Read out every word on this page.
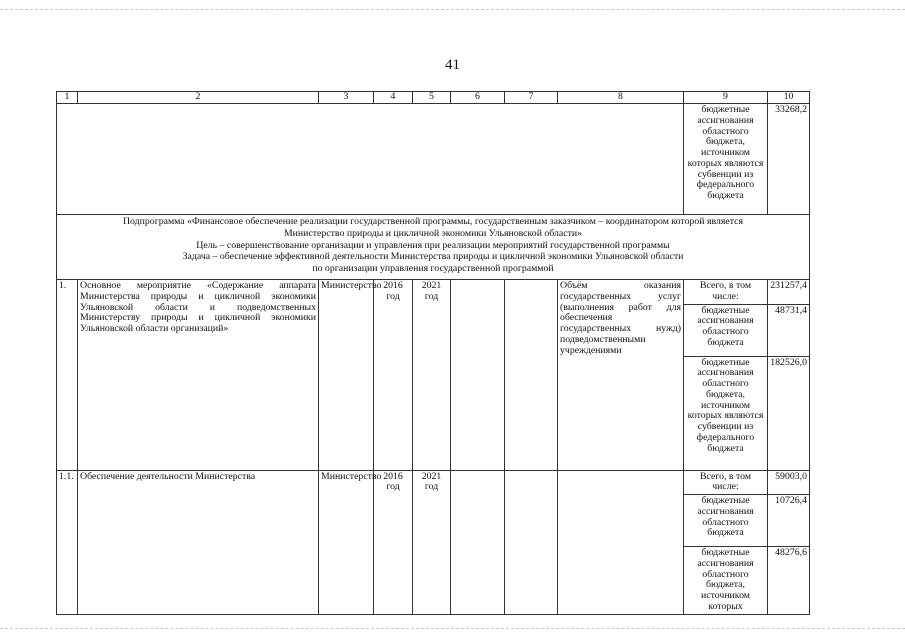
41
1	2	3	4	5	6	7	8	9	10
								бюджетные ассигнования областного бюджета, источником которых являются субвенции из федерального бюджета	33268,2

Подпрограмма «Финансовое обеспечение реализации государственной программы, государственным заказчиком – координатором которой является
Министерство природы и цикличной экономики Ульяновской области»
Цель – совершенствование организации и управления при реализации мероприятий государственной программы
Задача – обеспечение эффективной деятельности Министерства природы и цикличной экономики Ульяновской области
по организации управления государственной программой									

1.	Основное мероприятие «Содержание аппарата Министерства природы и цикличной экономики Ульяновской области и подведомственных Министерству природы и цикличной экономики Ульяновской области организаций»	Министерство	2016 год	2021 год			Объём оказания государственных услуг (выполнения работ для обеспечения государственных нужд) подведомственными учреждениями	Всего, в том числе:	231257,4
								бюджетные ассигнования областного бюджета	48731,4
								бюджетные ассигнования областного бюджета, источником которых являются субвенции из федерального бюджета	182526,0
1.1.	Обеспечение деятельности Министерства	Министерство	2016 год	2021 год				Всего, в том числе:	59003,0
								бюджетные ассигнования областного бюджета	10726,4
								бюджетные ассигнования областного бюджета, источником которых	48276,6
